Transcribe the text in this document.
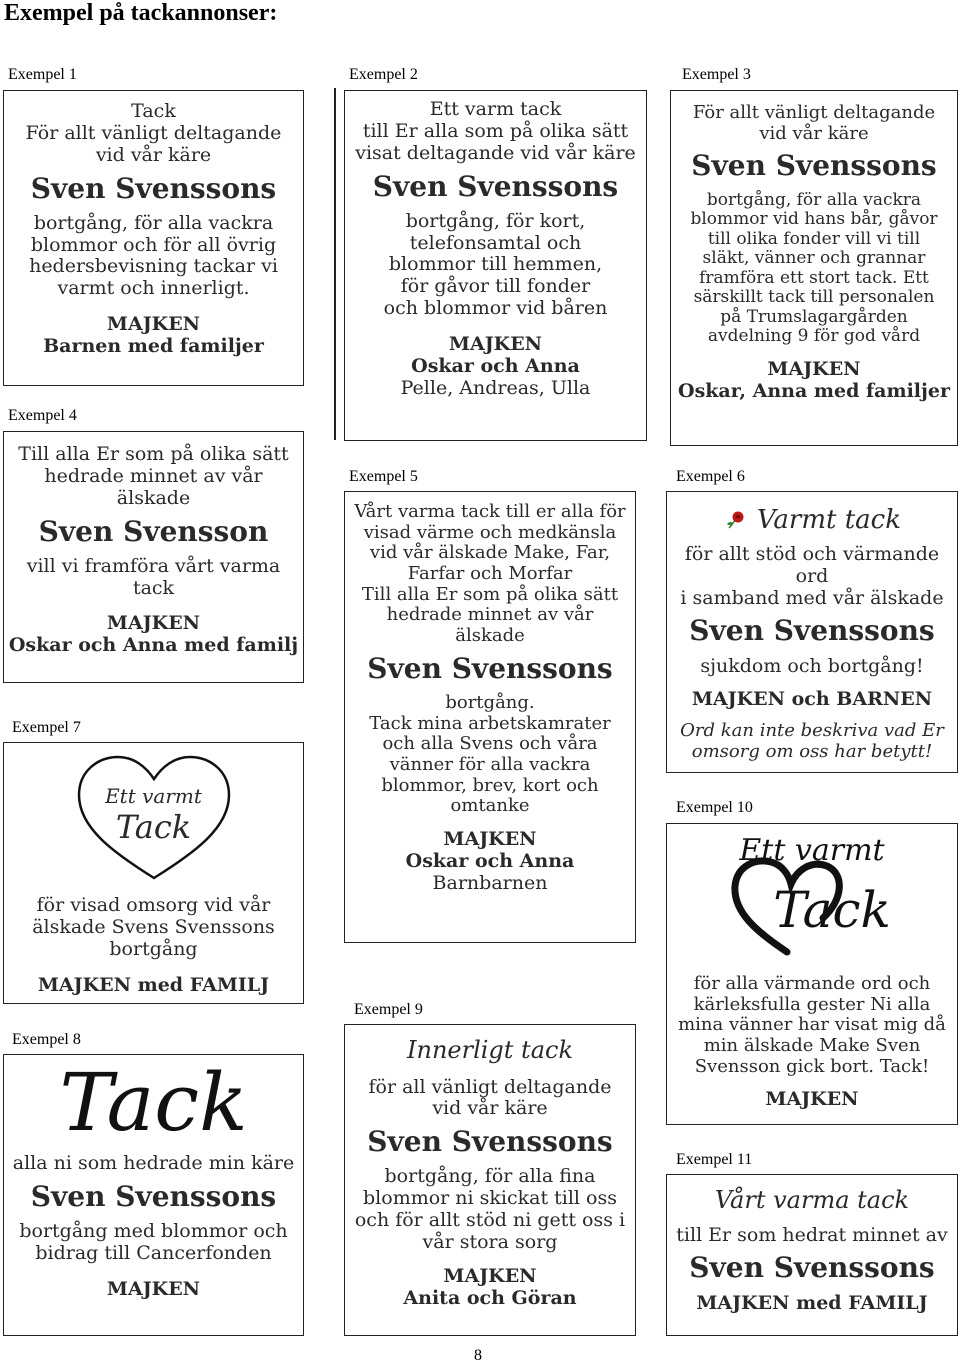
Exempel på tackannonser:
Exempel 1	Exempel 2	Exempel 3
Exempel 4
Exempel 5	Exempel 6
Exempel 7
Exempel 10
Exempel 9
Exempel 8
Exempel 11
Tack
För allt vänligt deltagande
vid vår käre
Sven Svenssons
bortgång, för alla vackra
blommor och för all övrig
hedersbevisning tackar vi
varmt och innerligt.
MAJKEN
Barnen med familjer
Ett varm tack
till Er alla som på olika sätt
visat deltagande vid vår käre
Sven Svenssons
bortgång, för kort,
telefonsamtal och
blommor till hemmen,
för gåvor till fonder
och blommor vid båren
MAJKEN
Oskar och Anna
Pelle, Andreas, Ulla
För allt vänligt deltagande
vid vår käre
Sven Svenssons
bortgång, för alla vackra
blommor vid hans bår, gåvor
till olika fonder vill vi till
släkt, vänner och grannar
framföra ett stort tack. Ett
särskillt tack till personalen
på Trumslagargården
avdelning 9 för god vård
MAJKEN
Oskar, Anna med familjer
Till alla Er som på olika sätt
hedrade minnet av vår
älskade
Sven Svensson
vill vi framföra vårt varma
tack
MAJKEN
Oskar och Anna med familj
Vårt varma tack till er alla för
visad värme och medkänsla
vid vår älskade Make, Far,
Farfar och Morfar
Till alla Er som på olika sätt
hedrade minnet av vår
älskade
Sven Svenssons
bortgång.
Tack mina arbetskamrater
och alla Svens och våra
vänner för alla vackra
blommor, brev, kort och
omtanke
MAJKEN
Oskar och Anna
Barnbarnen
Varmt tack
för allt stöd och värmande ord
i samband med vår älskade
Sven Svenssons
sjukdom och bortgång!
MAJKEN och BARNEN
Ord kan inte beskriva vad Er
omsorg om oss har betytt!
Ett varmt
Tack
för visad omsorg vid vår
älskade Svens Svenssons
bortgång
MAJKEN med FAMILJ
Ett varmt
Tack
för alla värmande ord och
kärleksfulla gester Ni alla
mina vänner har visat mig då
min älskade Make Sven
Svensson gick bort. Tack!
MAJKEN
Tack
alla ni som hedrade min käre
Sven Svenssons
bortgång med blommor och
bidrag till Cancerfonden
MAJKEN
Innerligt tack
för all vänligt deltagande
vid vår käre
Sven Svenssons
bortgång, för alla fina
blommor ni skickat till oss
och för allt stöd ni gett oss i
vår stora sorg
MAJKEN
Anita och Göran
Vårt varma tack
till Er som hedrat minnet av
Sven Svenssons
MAJKEN med FAMILJ
8
